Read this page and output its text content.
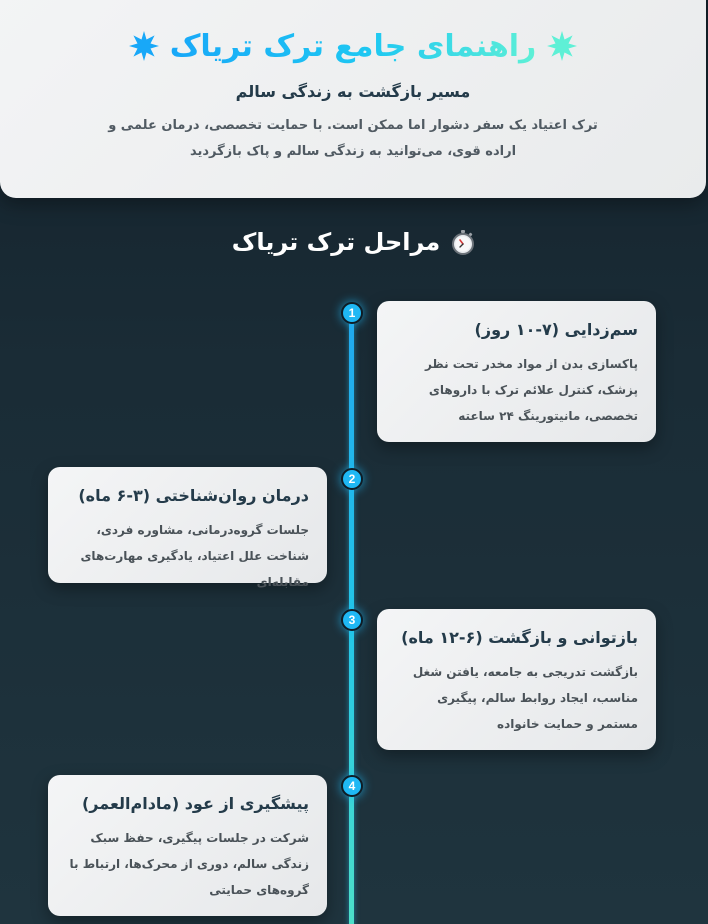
راهنمای جامع ترک تریاک
مسیر بازگشت به زندگی سالم

ترک اعتیاد یک سفر دشوار اما ممکن است. با حمایت تخصصی، درمان علمی و اراده قوی، می‌توانید به زندگی سالم و پاک بازگردید

مراحل ترک تریاک
1
سم‌زدایی (۷-۱۰ روز)

پاکسازی بدن از مواد مخدر تحت نظر پزشک، کنترل علائم ترک با داروهای تخصصی، مانیتورینگ ۲۴ ساعته

2
درمان روان‌شناختی (۳-۶ ماه)

جلسات گروه‌درمانی، مشاوره فردی، شناخت علل اعتیاد، یادگیری مهارت‌های مقابله‌ای

3
بازتوانی و بازگشت (۶-۱۲ ماه)

بازگشت تدریجی به جامعه، یافتن شغل مناسب، ایجاد روابط سالم، پیگیری مستمر و حمایت خانواده

4
پیشگیری از عود (مادام‌العمر)

شرکت در جلسات پیگیری، حفظ سبک زندگی سالم، دوری از محرک‌ها، ارتباط با گروه‌های حمایتی
